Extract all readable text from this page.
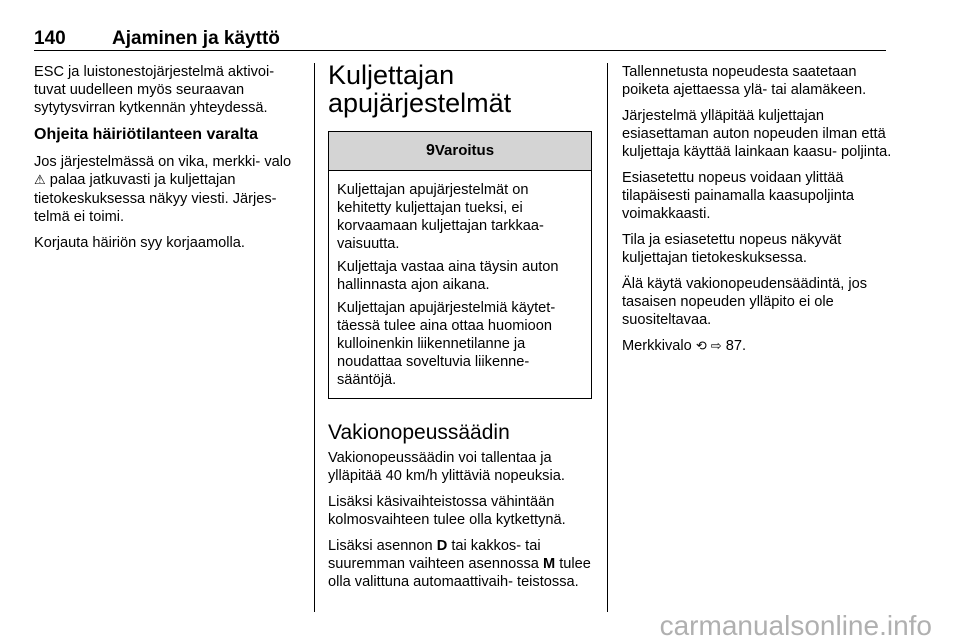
140	Ajaminen ja käyttö

ESC ja luistonestojärjestelmä aktivoi- tuvat uudelleen myös seuraavan sytytysvirran kytkennän yhteydessä.

Ohjeita häiriötilanteen varalta

Jos järjestelmässä on vika, merkki- valo ⚠ palaa jatkuvasti ja kuljettajan tietokeskuksessa näkyy viesti. Järjes- telmä ei toimi.

Korjauta häiriön syy korjaamolla.

Kuljettajan apujärjestelmät
9Varoitus

Kuljettajan apujärjestelmät on kehitetty kuljettajan tueksi, ei korvaamaan kuljettajan tarkkaa- vaisuutta.

Kuljettaja vastaa aina täysin auton hallinnasta ajon aikana.

Kuljettajan apujärjestelmiä käytet- täessä tulee aina ottaa huomioon kulloinenkin liikennetilanne ja noudattaa soveltuvia liikenne- sääntöjä.

Vakionopeussäädin

Vakionopeussäädin voi tallentaa ja ylläpitää 40 km/h ylittäviä nopeuksia.

Lisäksi käsivaihteistossa vähintään kolmosvaihteen tulee olla kytkettynä.

Lisäksi asennon D tai kakkos- tai suuremman vaihteen asennossa M tulee olla valittuna automaattivaih- teistossa.

Tallennetusta nopeudesta saatetaan poiketa ajettaessa ylä- tai alamäkeen.

Järjestelmä ylläpitää kuljettajan esiasettaman auton nopeuden ilman että kuljettaja käyttää lainkaan kaasu- poljinta.

Esiasetettu nopeus voidaan ylittää tilapäisesti painamalla kaasupoljinta voimakkaasti.

Tila ja esiasetettu nopeus näkyvät kuljettajan tietokeskuksessa.

Älä käytä vakionopeudensäädintä, jos tasaisen nopeuden ylläpito ei ole suositeltavaa.

Merkkivalo ⟲ ⇨ 87.

carmanualsonline.info
